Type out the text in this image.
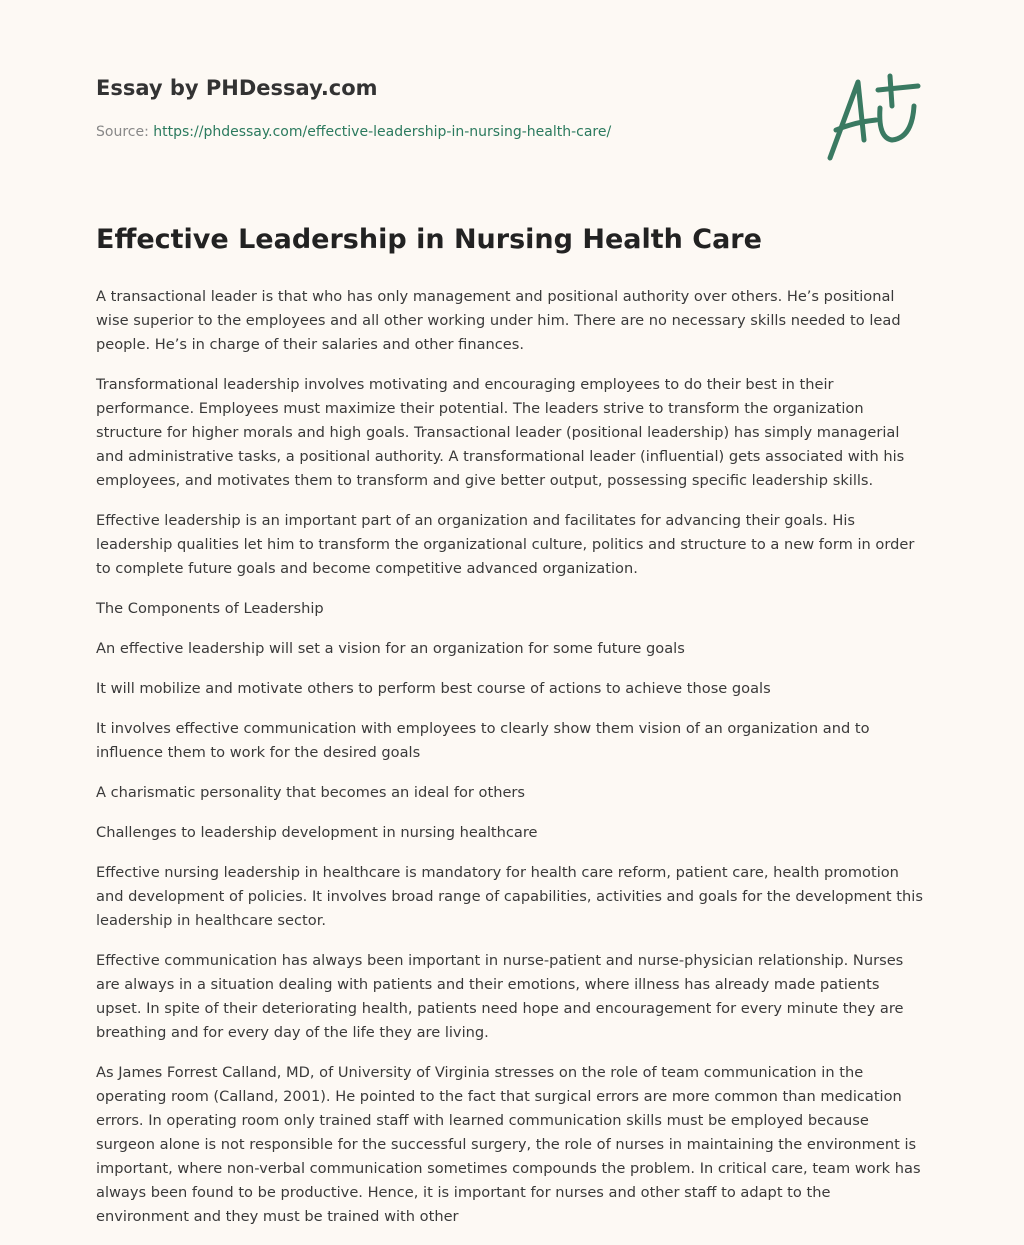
Essay by PHDessay.com
Source: https://phdessay.com/effective-leadership-in-nursing-health-care/
Effective Leadership in Nursing Health Care

A transactional leader is that who has only management and positional authority over others. He’s positional wise superior to the employees and all other working under him. There are no necessary skills needed to lead people. He’s in charge of their salaries and other finances.

Transformational leadership involves motivating and encouraging employees to do their best in their performance. Employees must maximize their potential. The leaders strive to transform the organization structure for higher morals and high goals. Transactional leader (positional leadership) has simply managerial and administrative tasks, a positional authority. A transformational leader (influential) gets associated with his employees, and motivates them to transform and give better output, possessing specific leadership skills.

Effective leadership is an important part of an organization and facilitates for advancing their goals. His leadership qualities let him to transform the organizational culture, politics and structure to a new form in order to complete future goals and become competitive advanced organization.

The Components of Leadership

An effective leadership will set a vision for an organization for some future goals

It will mobilize and motivate others to perform best course of actions to achieve those goals

It involves effective communication with employees to clearly show them vision of an organization and to influence them to work for the desired goals

A charismatic personality that becomes an ideal for others

Challenges to leadership development in nursing healthcare

Effective nursing leadership in healthcare is mandatory for health care reform, patient care, health promotion and development of policies. It involves broad range of capabilities, activities and goals for the development this leadership in healthcare sector.

Effective communication has always been important in nurse-patient and nurse-physician relationship. Nurses are always in a situation dealing with patients and their emotions, where illness has already made patients upset. In spite of their deteriorating health, patients need hope and encouragement for every minute they are breathing and for every day of the life they are living.

As James Forrest Calland, MD, of University of Virginia stresses on the role of team communication in the operating room (Calland, 2001). He pointed to the fact that surgical errors are more common than medication errors. In operating room only trained staff with learned communication skills must be employed because surgeon alone is not responsible for the successful surgery, the role of nurses in maintaining the environment is important, where non-verbal communication sometimes compounds the problem. In critical care, team work has always been found to be productive. Hence, it is important for nurses and other staff to adapt to the environment and they must be trained with other
